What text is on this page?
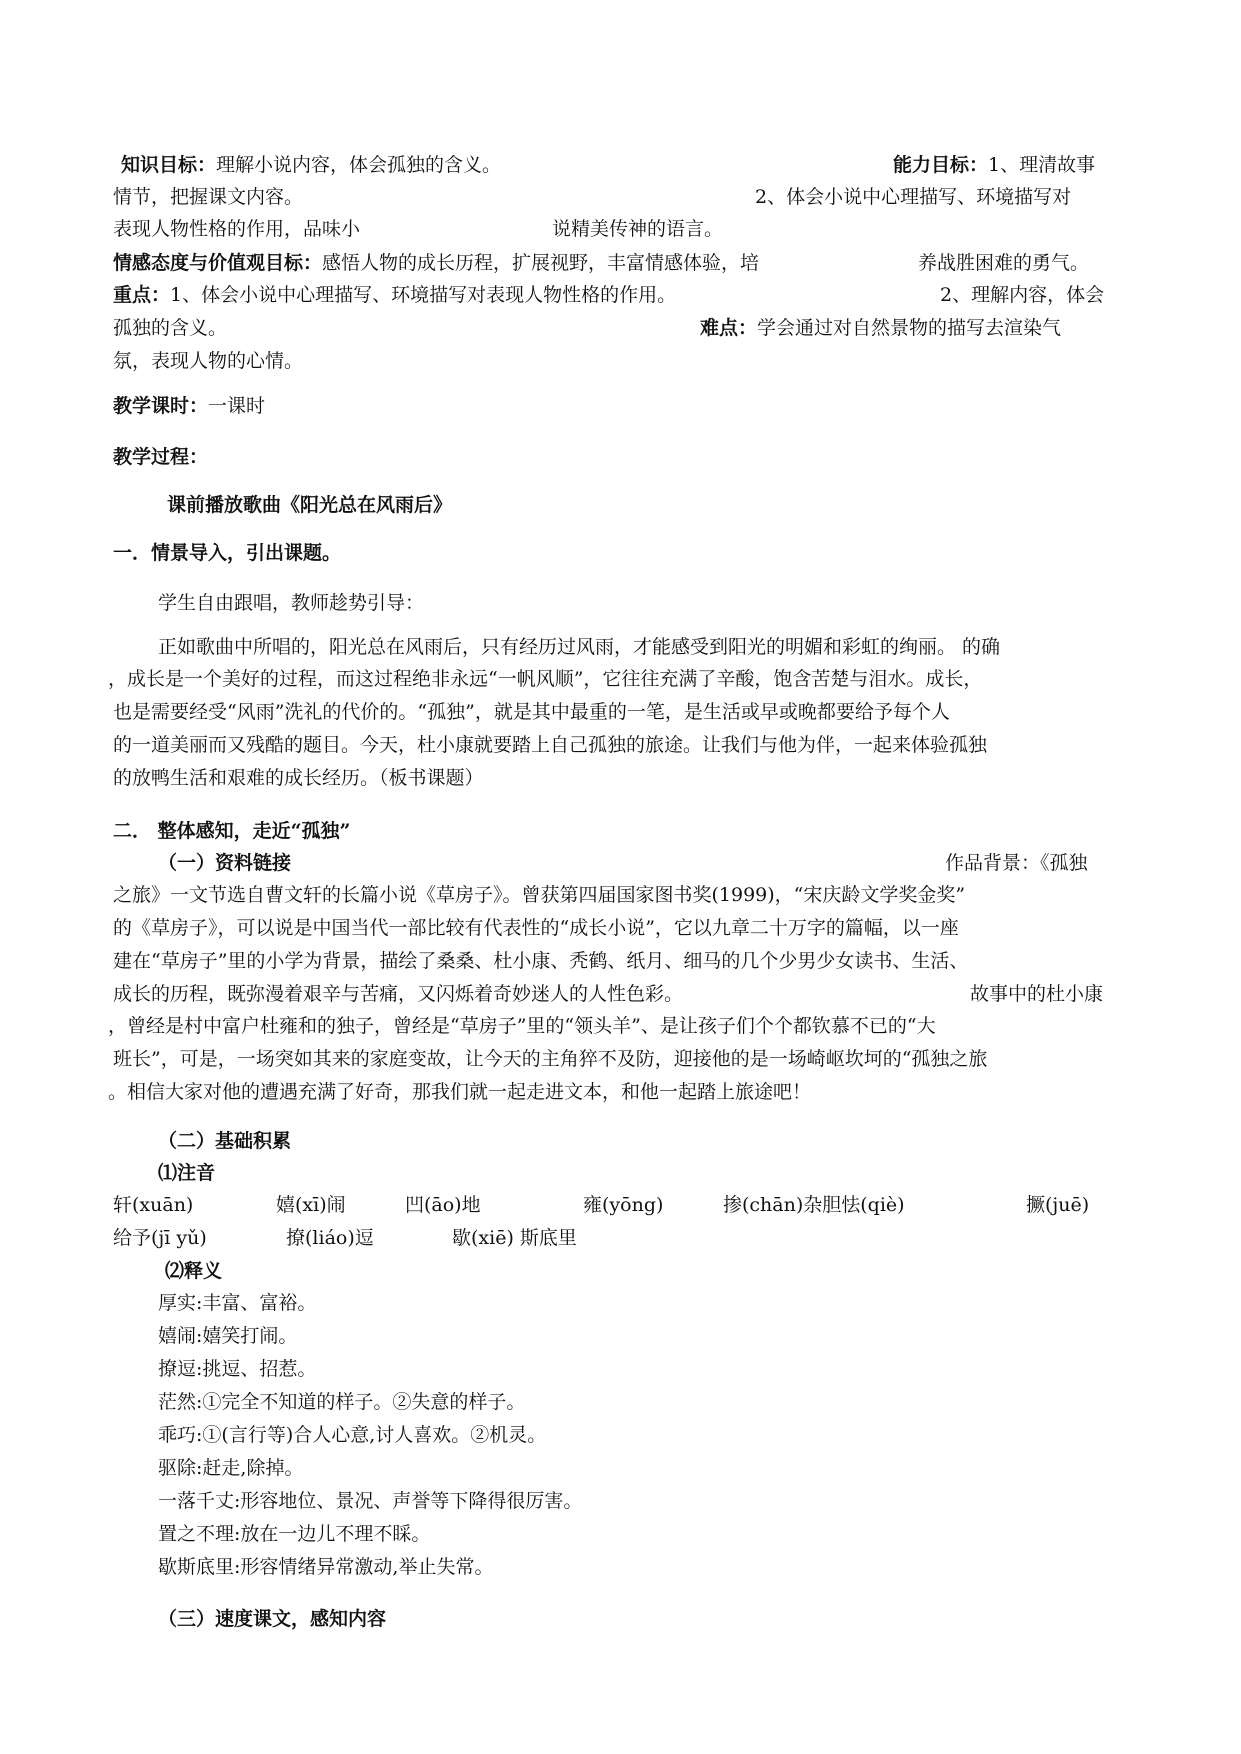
知识目标：理解小说内容，体会孤独的含义。	能力目标：1、理清故事
情节，把握课文内容。	2、体会小说中心理描写、环境描写对
表现人物性格的作用，品味小	说精美传神的语言。
情感态度与价值观目标：感悟人物的成长历程，扩展视野，丰富情感体验，培	养战胜困难的勇气。
重点：1、体会小说中心理描写、环境描写对表现人物性格的作用。	2、理解内容，体会
孤独的含义。	难点：学会通过对自然景物的描写去渲染气
氛，表现人物的心情。
教学课时：一课时
教学过程：
课前播放歌曲《阳光总在风雨后》
一．情景导入，引出课题。
学生自由跟唱，教师趁势引导：
正如歌曲中所唱的，阳光总在风雨后，只有经历过风雨，才能感受到阳光的明媚和彩虹的绚丽。 的确
，成长是一个美好的过程，而这过程绝非永远“一帆风顺”，它往往充满了辛酸，饱含苦楚与泪水。成长，
也是需要经受“风雨”洗礼的代价的。“孤独”，就是其中最重的一笔，是生活或早或晚都要给予每个人
的一道美丽而又残酷的题目。今天，杜小康就要踏上自己孤独的旅途。让我们与他为伴，一起来体验孤独
的放鸭生活和艰难的成长经历。（板书课题）
二． 整体感知，走近“孤独”
（一）资料链接	作品背景：《孤独
之旅》一文节选自曹文轩的长篇小说《草房子》。曾获第四届国家图书奖(1999)，“宋庆龄文学奖金奖”
的《草房子》，可以说是中国当代一部比较有代表性的“成长小说”，它以九章二十万字的篇幅，以一座
建在“草房子”里的小学为背景，描绘了桑桑、杜小康、秃鹤、纸月、细马的几个少男少女读书、生活、
成长的历程，既弥漫着艰辛与苦痛，又闪烁着奇妙迷人的人性色彩。	故事中的杜小康
，曾经是村中富户杜雍和的独子，曾经是“草房子”里的“领头羊”、是让孩子们个个都钦慕不已的“大
班长”，可是，一场突如其来的家庭变故，让今天的主角猝不及防，迎接他的是一场崎岖坎坷的“孤独之旅
。相信大家对他的遭遇充满了好奇，那我们就一起走进文本，和他一起踏上旅途吧！
（二）基础积累
⑴注音
轩(xuān)	嬉(xī)闹	凹(āo)地	雍(yōng)	掺(chān)杂胆怯(qiè)	撅(juē)
给予(jī yǔ)	撩(liáo)逗	歇(xiē) 斯底里
⑵释义
厚实:丰富、富裕。
嬉闹:嬉笑打闹。
撩逗:挑逗、招惹。
茫然:①完全不知道的样子。②失意的样子。
乖巧:①(言行等)合人心意,讨人喜欢。②机灵。
驱除:赶走,除掉。
一落千丈:形容地位、景况、声誉等下降得很厉害。
置之不理:放在一边儿不理不睬。
歇斯底里:形容情绪异常激动,举止失常。
（三）速度课文，感知内容
